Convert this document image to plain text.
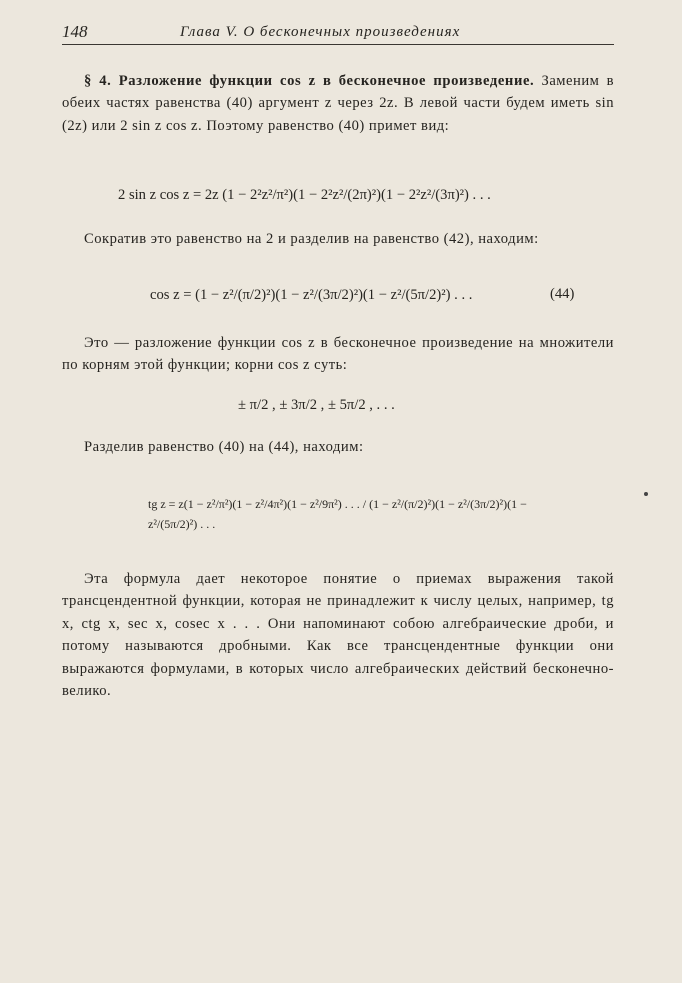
148	Глава V. О бесконечных произведениях
§ 4. Разложение функции cos z в бесконечное произведение. Заменим в обеих частях равенства (40) аргумент z через 2z. В левой части будем иметь sin (2z) или 2 sin z cos z. Поэтому равенство (40) примет вид:
2 sin z cos z = 2z (1 − 2²z²/π²)(1 − 2²z²/(2π)²)(1 − 2²z²/(3π)²) . . .
Сократив это равенство на 2 и разделив на равенство (42), находим:
cos z = (1 − z²/(π/2)²)(1 − z²/(3π/2)²)(1 − z²/(5π/2)²) . . .	(44)
Это — разложение функции cos z в бесконечное произведение на множители по корням этой функции; корни cos z суть:
± π/2 , ± 3π/2 , ± 5π/2 , . . .
Разделив равенство (40) на (44), находим:
tg z = z(1 − z²/π²)(1 − z²/4π²)(1 − z²/9π²) . . . / (1 − z²/(π/2)²)(1 − z²/(3π/2)²)(1 − z²/(5π/2)²) . . .
Эта формула дает некоторое понятие о приемах выражения такой трансцендентной функции, которая не принадлежит к числу целых, например, tg x, ctg x, sec x, cosec x . . . Они напоминают собою алгебраические дроби, и потому называются дробными. Как все трансцендентные функции они выражаются формулами, в которых число алгебраических действий бесконечно-велико.
